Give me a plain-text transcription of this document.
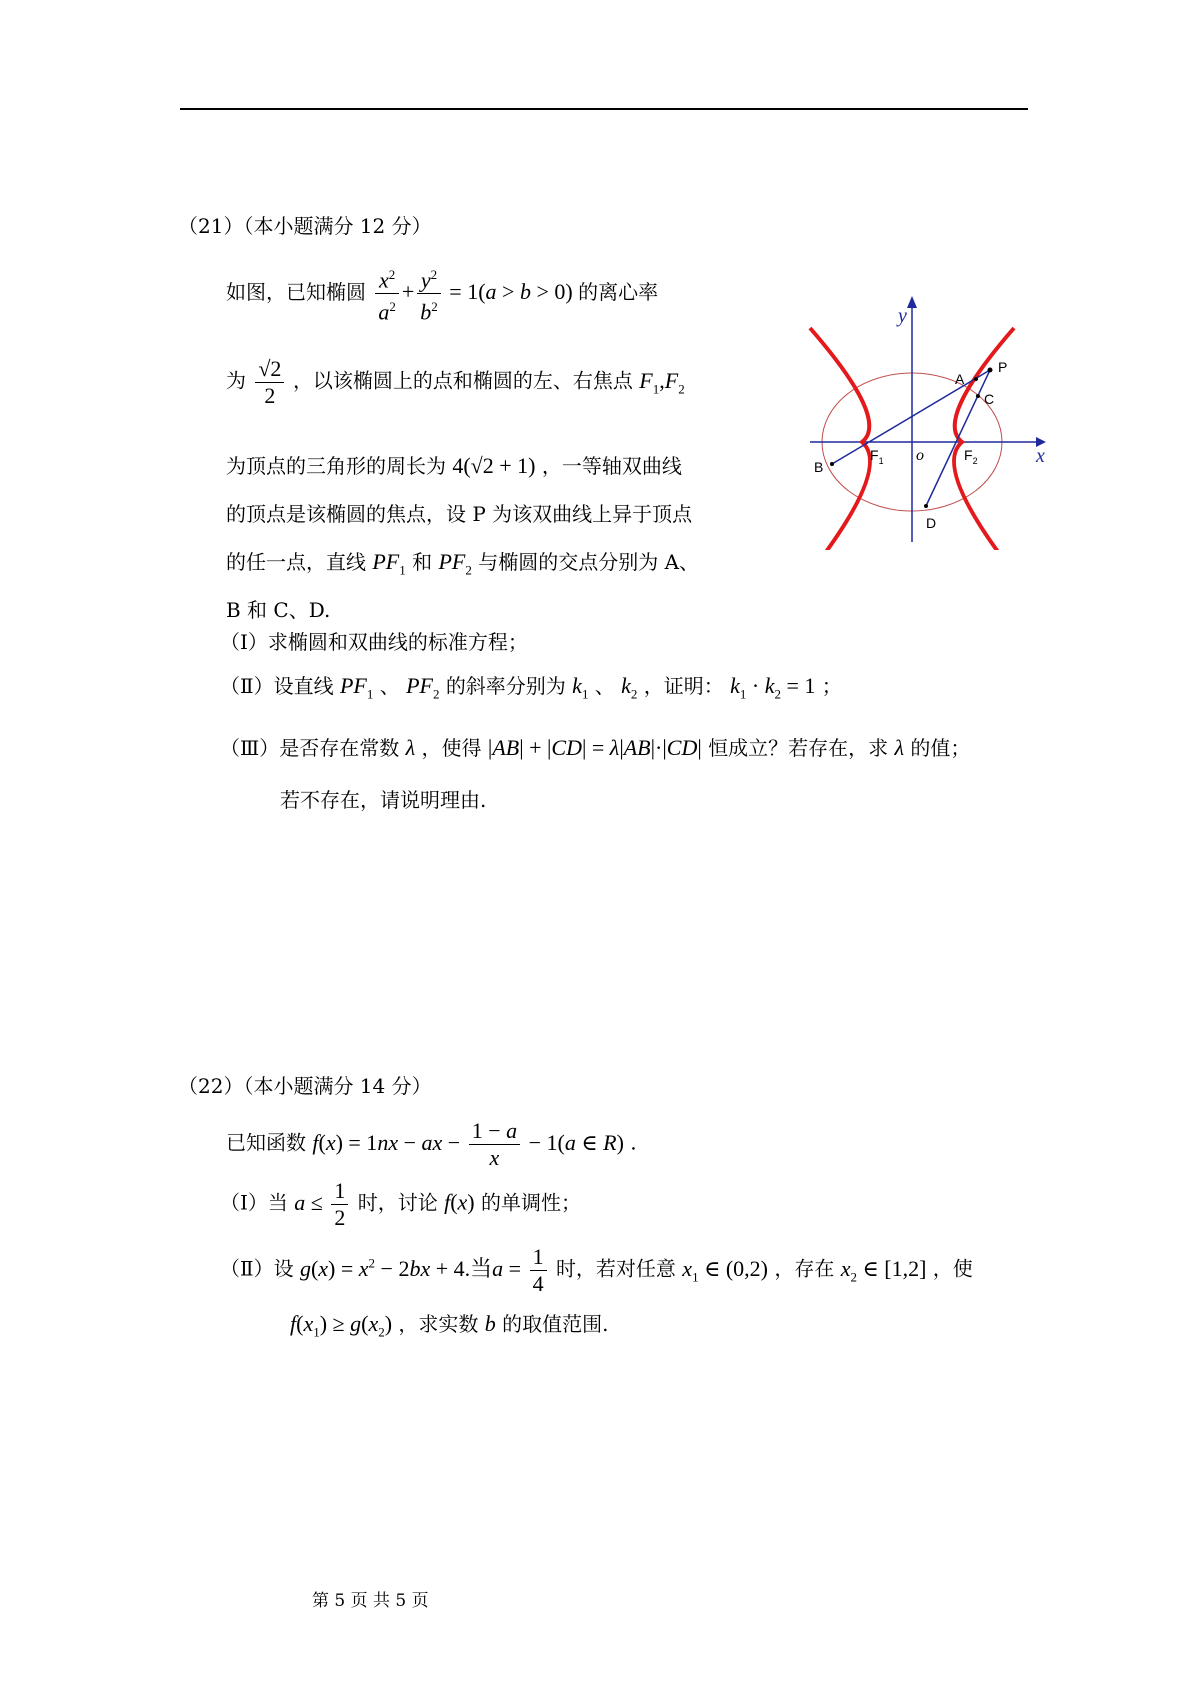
（21）（本小题满分 12 分）
如图，已知椭圆 $\frac{x^2}{a^2} + \frac{y^2}{b^2} = 1(a > b > 0)$ 的离心率
为 $\frac{√2}{2}$ ，以该椭圆上的点和椭圆的左、右焦点 $F_1,F_2$
为顶点的三角形的周长为 4(√2 + 1) ，一等轴双曲线
的顶点是该椭圆的焦点，设 P 为该双曲线上异于顶点
的任一点，直线 $PF_1$ 和 $PF_2$ 与椭圆的交点分别为 A、
B 和 C、D.
（Ⅰ）求椭圆和双曲线的标准方程；
（Ⅱ）设直线 $PF_1$ 、 $PF_2$ 的斜率分别为 $k_1$ 、 $k_2$ ，证明： $k_1 \cdot k_2 = 1$ ；
（Ⅲ）是否存在常数 λ ，使得 |AB| + |CD| = λ|AB|·|CD| 恒成立？若存在，求 λ 的值；
若不存在，请说明理由.
y
x
o
A
P
C
B
D
$F_1$	$F_2$
（22）（本小题满分 14 分）
已知函数 f(x) = 1nx − ax − $\frac{1 - a}{x} - 1(a$ ∈ R) .
（Ⅰ）当 $a \le \frac{1}{2}$ 时，讨论 f(x) 的单调性；
（Ⅱ）设 $g(x) = x^2 - 2bx + 4$.当$a = \frac{1}{4}$ 时，若对任意 $x_1$ ∈ (0,2) ，存在 $x_2$ ∈ [1,2] ，使
$f(x_1) \ge g(x_2)$ ，求实数 b 的取值范围.
第 5 页 共 5 页
